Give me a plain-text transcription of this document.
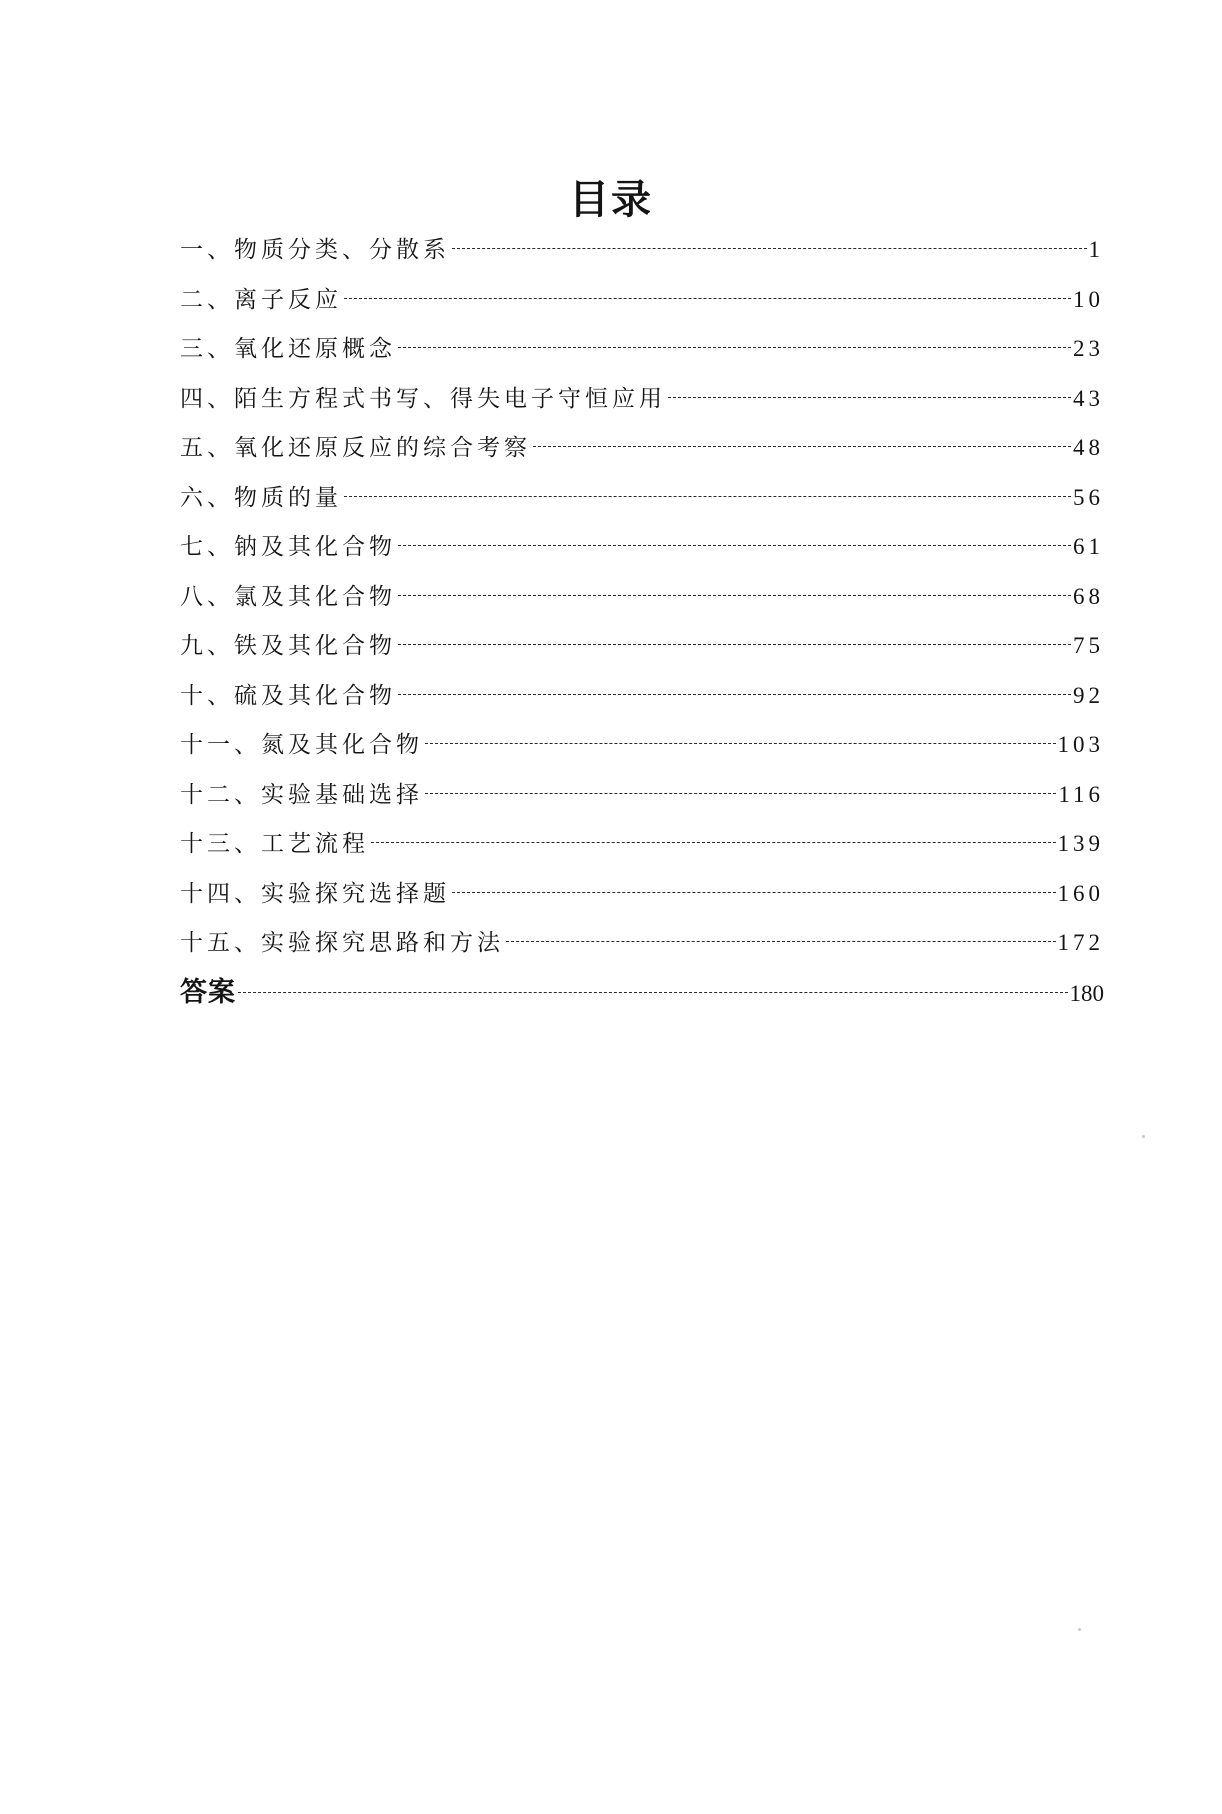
目录
一、物质分类、分散系	1
二、离子反应	10
三、氧化还原概念	23
四、陌生方程式书写、得失电子守恒应用	43
五、氧化还原反应的综合考察	48
六、物质的量	56
七、钠及其化合物	61
八、氯及其化合物	68
九、铁及其化合物	75
十、硫及其化合物	92
十一、氮及其化合物	103
十二、实验基础选择	116
十三、工艺流程	139
十四、实验探究选择题	160
十五、实验探究思路和方法	172
答案	180
